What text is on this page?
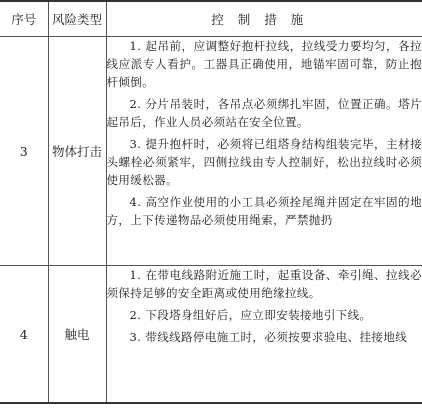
序号	风险类型	控制措施
3	物体打击	1. 起吊前，应调整好抱杆拉线，拉线受力要均匀，各拉线应派专人看护。工器具正确使用，地锚牢固可靠，防止抱杆倾倒。

2. 分片吊装时，各吊点必须绑扎牢固，位置正确。塔片起吊后，作业人员必须站在安全位置。

3. 提升抱杆时，必须将已组塔身结构组装完毕，主材接头螺栓必须紧牢，四侧拉线由专人控制好，松出拉线时必须使用缓松器。

4. 高空作业使用的小工具必须拴尾绳并固定在牢固的地方，上下传递物品必须使用绳索，严禁抛扔

4	触电	1. 在带电线路附近施工时，起重设备、牵引绳、拉线必须保持足够的安全距离或使用绝缘拉线。

2. 下段塔身组好后，应立即安装接地引下线。

3. 带线线路停电施工时，必须按要求验电、挂接地线
